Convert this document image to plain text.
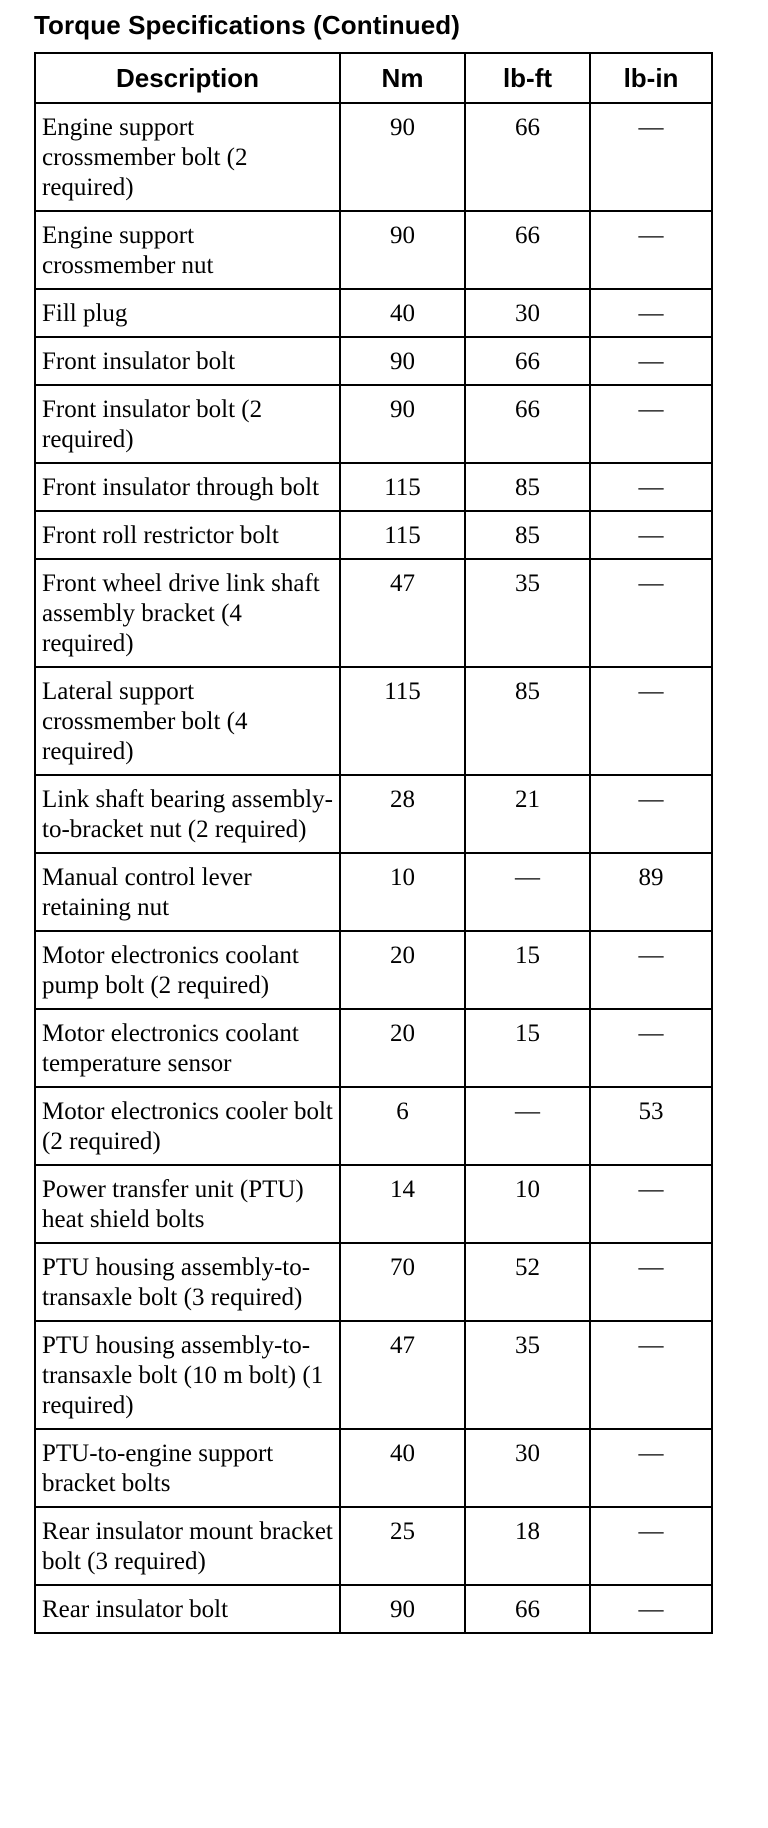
Torque Specifications (Continued)
Description	Nm	lb-ft	lb-in
Engine support crossmember bolt (2 required)	90	66	—
Engine support crossmember nut	90	66	—
Fill plug	40	30	—
Front insulator bolt	90	66	—
Front insulator bolt (2 required)	90	66	—
Front insulator through bolt	115	85	—
Front roll restrictor bolt	115	85	—
Front wheel drive link shaft assembly bracket (4 required)	47	35	—
Lateral support crossmember bolt (4 required)	115	85	—
Link shaft bearing assembly-to-bracket nut (2 required)	28	21	—
Manual control lever retaining nut	10	—	89
Motor electronics coolant pump bolt (2 required)	20	15	—
Motor electronics coolant temperature sensor	20	15	—
Motor electronics cooler bolt (2 required)	6	—	53
Power transfer unit (PTU) heat shield bolts	14	10	—
PTU housing assembly-to-transaxle bolt (3 required)	70	52	—
PTU housing assembly-to-transaxle bolt (10 m bolt) (1 required)	47	35	—
PTU-to-engine support bracket bolts	40	30	—
Rear insulator mount bracket bolt (3 required)	25	18	—
Rear insulator bolt	90	66	—
